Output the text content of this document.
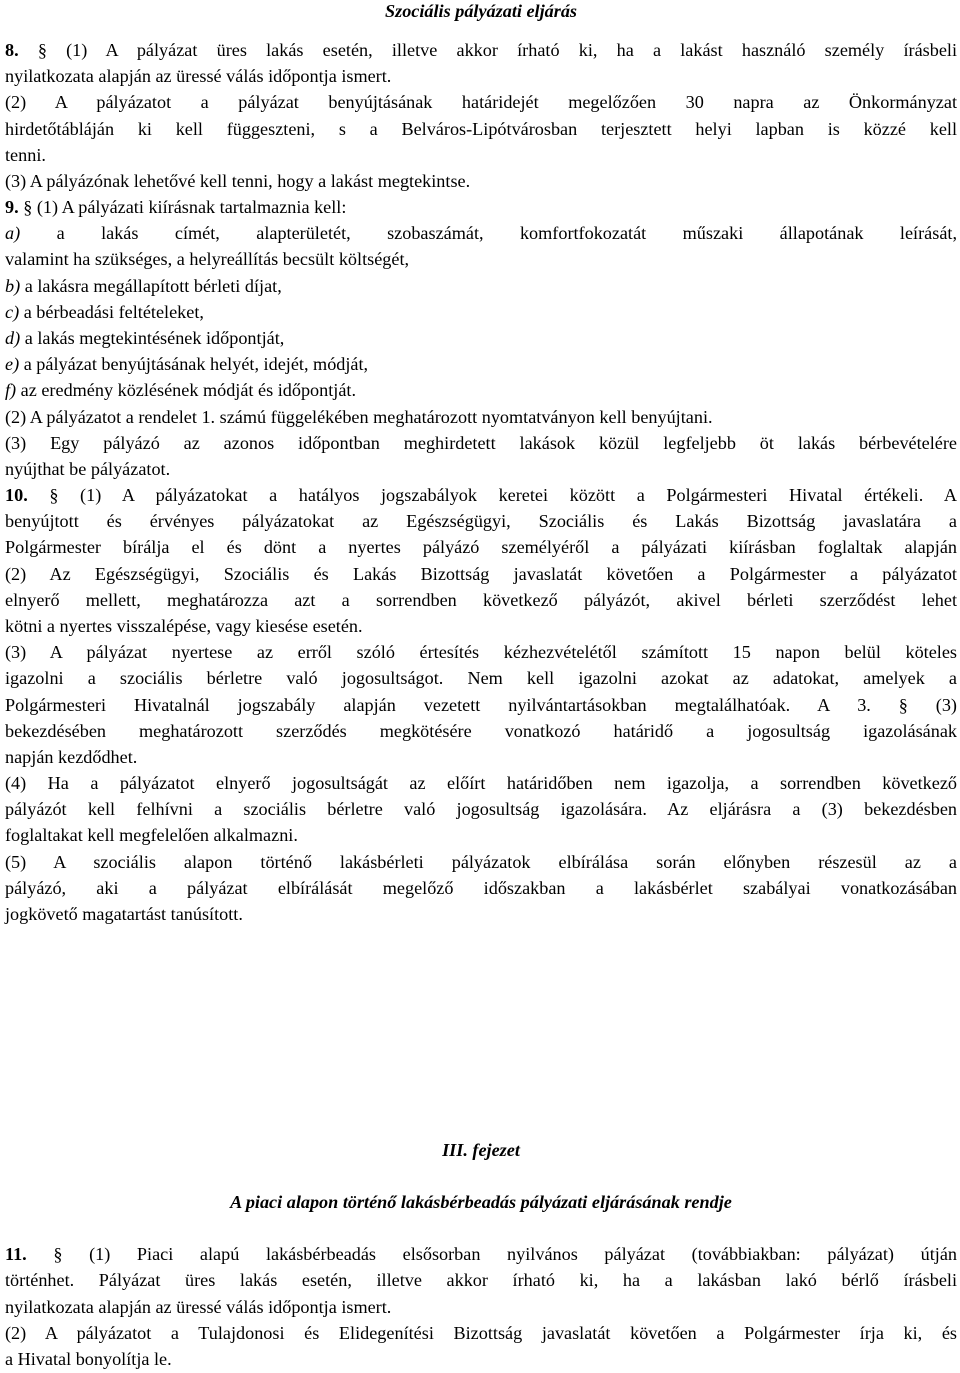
Szociális pályázati eljárás
8. § (1) A pályázat üres lakás esetén, illetve akkor írható ki, ha a lakást használó személy írásbeli
nyilatkozata alapján az üressé válás időpontja ismert.
(2) A pályázatot a pályázat benyújtásának határidejét megelőzően 30 napra az Önkormányzat
hirdetőtábláján ki kell függeszteni, s a Belváros-Lipótvárosban terjesztett helyi lapban is közzé kell
tenni.
(3) A pályázónak lehetővé kell tenni, hogy a lakást megtekintse.
9. § (1) A pályázati kiírásnak tartalmaznia kell:
a) a lakás címét, alapterületét, szobaszámát, komfortfokozatát műszaki állapotának leírását,
valamint ha szükséges, a helyreállítás becsült költségét,
b) a lakásra megállapított bérleti díjat,
c) a bérbeadási feltételeket,
d) a lakás megtekintésének időpontját,
e) a pályázat benyújtásának helyét, idejét, módját,
f) az eredmény közlésének módját és időpontját.
(2) A pályázatot a rendelet 1. számú függelékében meghatározott nyomtatványon kell benyújtani.
(3) Egy pályázó az azonos időpontban meghirdetett lakások közül legfeljebb öt lakás bérbevételére
nyújthat be pályázatot.
10. § (1) A pályázatokat a hatályos jogszabályok keretei között a Polgármesteri Hivatal értékeli. A
benyújtott és érvényes pályázatokat az Egészségügyi, Szociális és Lakás Bizottság javaslatára a
Polgármester bírálja el és dönt a nyertes pályázó személyéről a pályázati kiírásban foglaltak alapján
(2) Az Egészségügyi, Szociális és Lakás Bizottság javaslatát követően a Polgármester a pályázatot
elnyerő mellett, meghatározza azt a sorrendben következő pályázót, akivel bérleti szerződést lehet
kötni a nyertes visszalépése, vagy kiesése esetén.
(3) A pályázat nyertese az erről szóló értesítés kézhezvételétől számított 15 napon belül köteles
igazolni a szociális bérletre való jogosultságot. Nem kell igazolni azokat az adatokat, amelyek a
Polgármesteri Hivatalnál jogszabály alapján vezetett nyilvántartásokban megtalálhatóak. A 3. § (3)
bekezdésében meghatározott szerződés megkötésére vonatkozó határidő a jogosultság igazolásának
napján kezdődhet.
(4) Ha a pályázatot elnyerő jogosultságát az előírt határidőben nem igazolja, a sorrendben következő
pályázót kell felhívni a szociális bérletre való jogosultság igazolására. Az eljárásra a (3) bekezdésben
foglaltakat kell megfelelően alkalmazni.
(5) A szociális alapon történő lakásbérleti pályázatok elbírálása során előnyben részesül az a
pályázó, aki a pályázat elbírálását megelőző időszakban a lakásbérlet szabályai vonatkozásában
jogkövető magatartást tanúsított.
III. fejezet
A piaci alapon történő lakásbérbeadás pályázati eljárásának rendje
11. § (1) Piaci alapú lakásbérbeadás elsősorban nyilvános pályázat (továbbiakban: pályázat) útján
történhet. Pályázat üres lakás esetén, illetve akkor írható ki, ha a lakásban lakó bérlő írásbeli
nyilatkozata alapján az üressé válás időpontja ismert.
(2) A pályázatot a Tulajdonosi és Elidegenítési Bizottság javaslatát követően a Polgármester írja ki, és
a Hivatal bonyolítja le.
